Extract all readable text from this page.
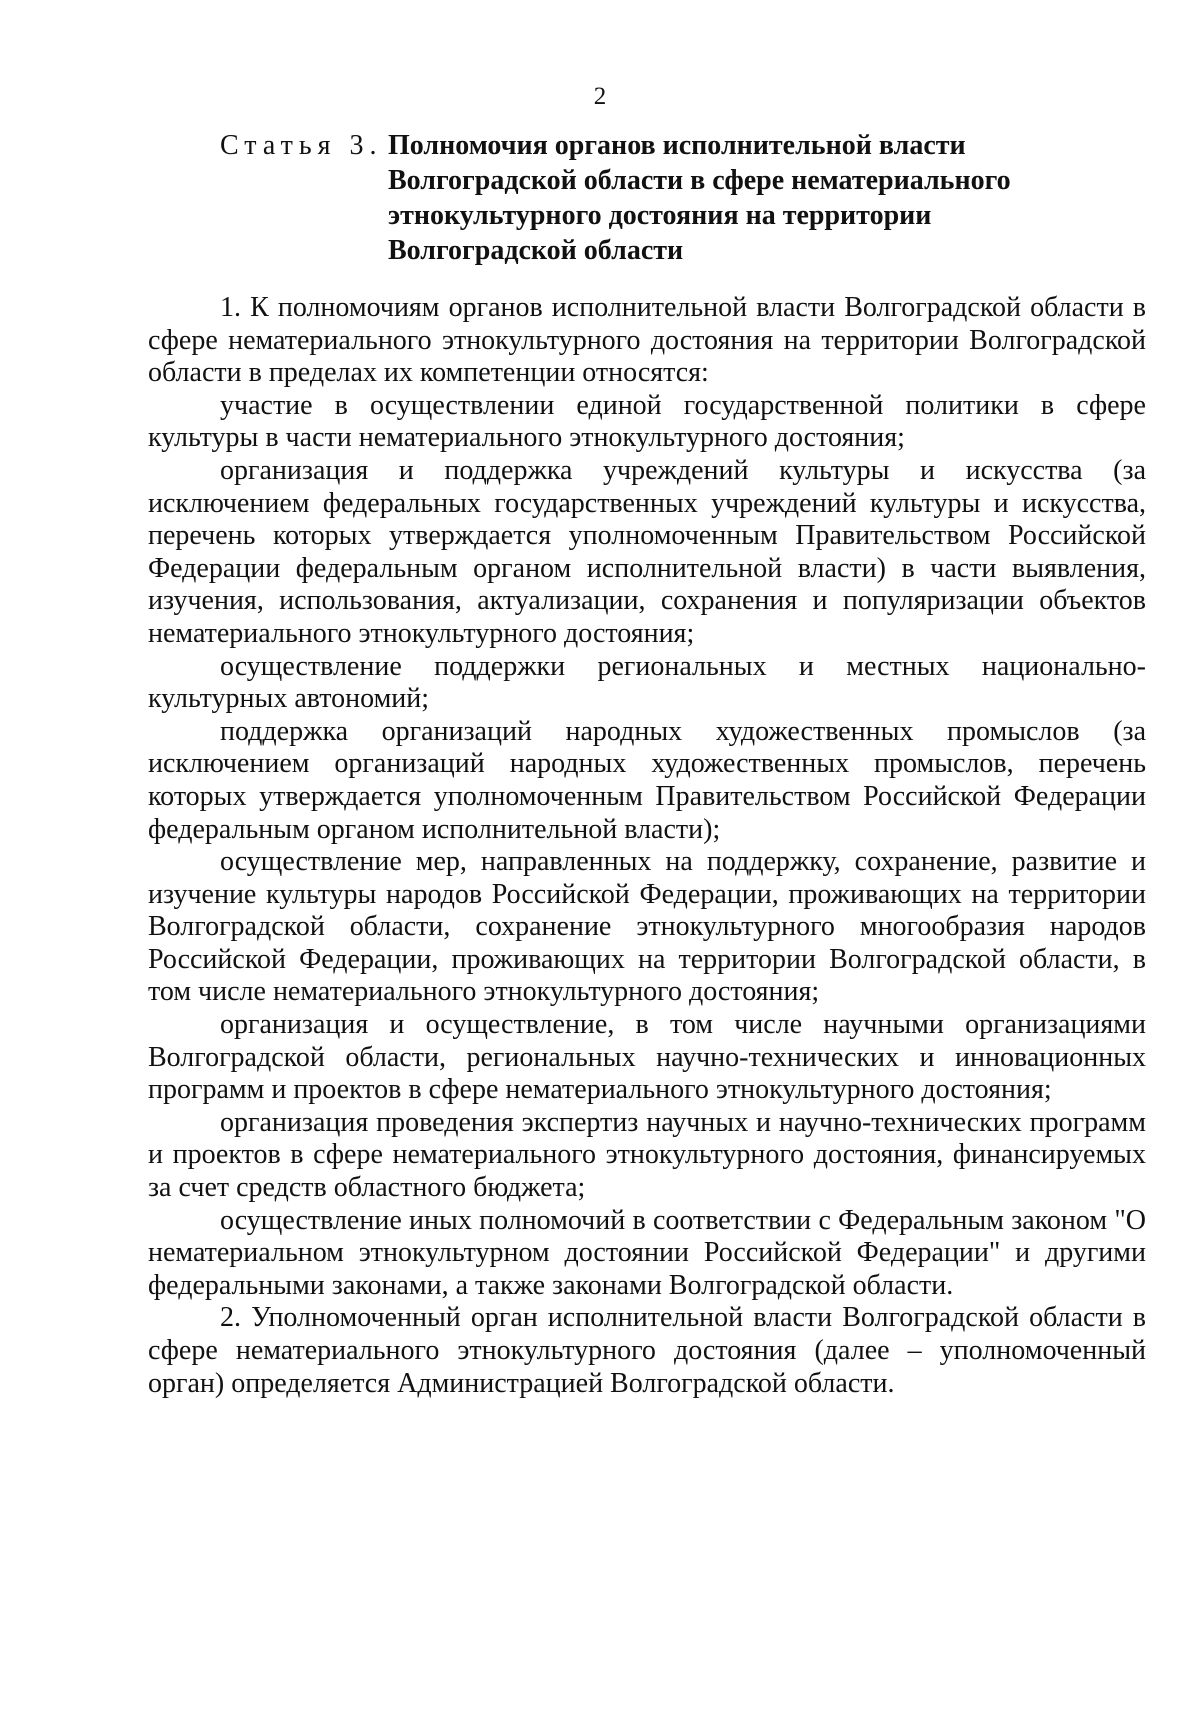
2
Статья 3. Полномочия органов исполнительной власти
Волгоградской области в сфере нематериального
этнокультурного достояния на территории
Волгоградской области

1. К полномочиям органов исполнительной власти Волгоградской области в сфере нематериального этнокультурного достояния на территории Волгоградской области в пределах их компетенции относятся:

участие в осуществлении единой государственной политики в сфере культуры в части нематериального этнокультурного достояния;

организация и поддержка учреждений культуры и искусства (за исключением федеральных государственных учреждений культуры и искусства, перечень которых утверждается уполномоченным Правительством Российской Федерации федеральным органом исполнительной власти) в части выявления, изучения, использования, актуализации, сохранения и популяризации объектов нематериального этнокультурного достояния;

осуществление поддержки региональных и местных национально-культурных автономий;

поддержка организаций народных художественных промыслов (за исключением организаций народных художественных промыслов, перечень которых утверждается уполномоченным Правительством Российской Федерации федеральным органом исполнительной власти);

осуществление мер, направленных на поддержку, сохранение, развитие и изучение культуры народов Российской Федерации, проживающих на территории Волгоградской области, сохранение этнокультурного многообразия народов Российской Федерации, проживающих на территории Волгоградской области, в том числе нематериального этнокультурного достояния;

организация и осуществление, в том числе научными организациями Волгоградской области, региональных научно-технических и инновационных программ и проектов в сфере нематериального этнокультурного достояния;

организация проведения экспертиз научных и научно-технических программ и проектов в сфере нематериального этнокультурного достояния, финансируемых за счет средств областного бюджета;

осуществление иных полномочий в соответствии с Федеральным законом "О нематериальном этнокультурном достоянии Российской Федерации" и другими федеральными законами, а также законами Волгоградской области.

2. Уполномоченный орган исполнительной власти Волгоградской области в сфере нематериального этнокультурного достояния (далее – уполномоченный орган) определяется Администрацией Волгоградской области.
